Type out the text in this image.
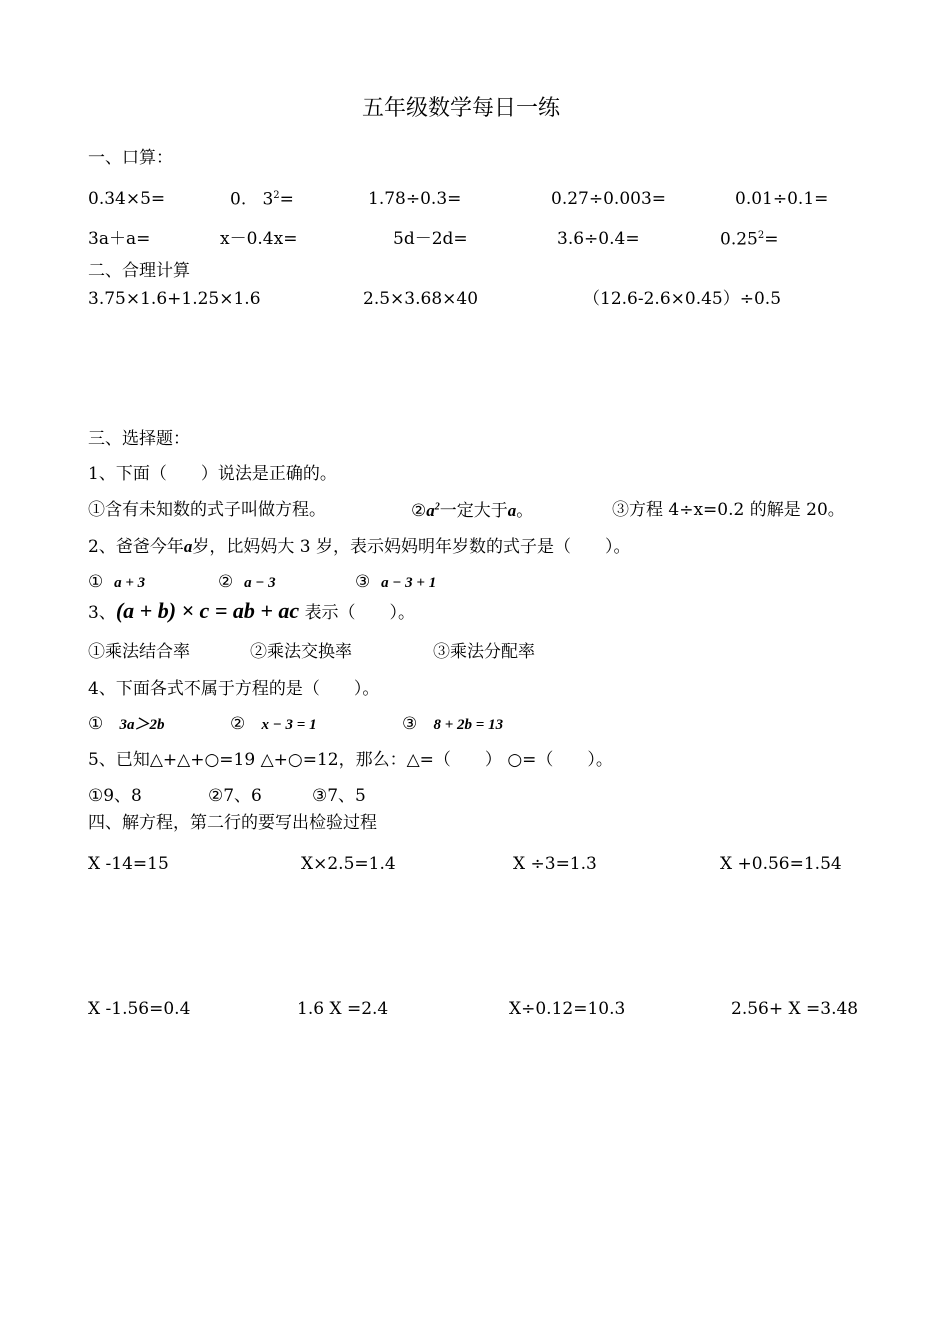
五年级数学每日一练
一、口算：
0.34×5=	0. $3^2=$	1.78÷0.3=	0.27÷0.003=	0.01÷0.1=
3a＋a=	x－0.4x=	5d－2d=	3.6÷0.4=	$0.25^2=$
二、合理计算
3.75×1.6+1.25×1.6	2.5×3.68×40	（12.6-2.6×0.45）÷0.5
三、选择题：
1、下面（　　）说法是正确的。
①含有未知数的式子叫做方程。	$②a^2$一定大于a。	③方程 4÷x=0.2 的解是 20。
2、爸爸今年a岁，比妈妈大 3 岁，表示妈妈明年岁数的式子是（　　）。
① a + 3	② a − 3	③ a − 3 + 1
3、(a + b) × c = ab + ac 表示（　　）。
①乘法结合率	②乘法交换率	③乘法分配率
4、下面各式不属于方程的是（　　）。
① 3a＞2b	② x − 3 = 1	③ 8 + 2b = 13
5、已知△+△+○=19 △+○=12，那么：△=（　　） ○=（　　）。
①9、8	②7、6	③7、5
四、解方程，第二行的要写出检验过程
X -14=15	X×2.5=1.4	X ÷3=1.3	X +0.56=1.54
X -1.56=0.4	1.6 X =2.4	X÷0.12=10.3	2.56+ X =3.48
